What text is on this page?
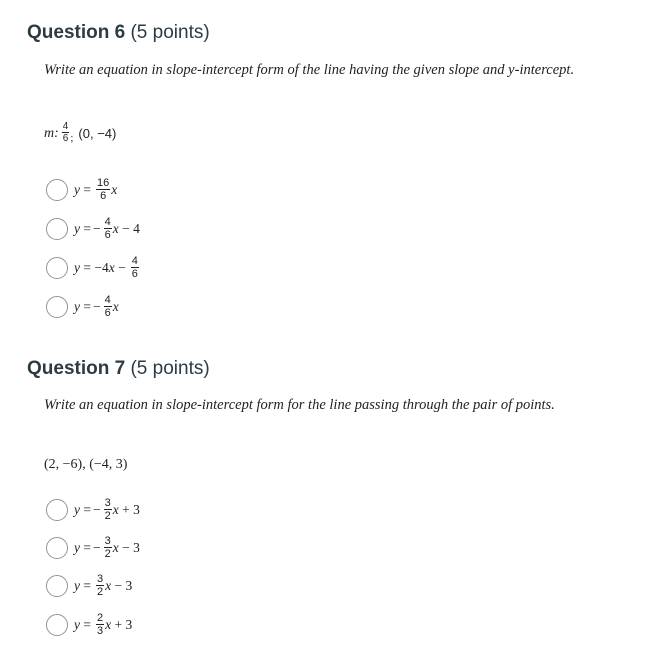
Question 6 (5 points)
Write an equation in slope-intercept form of the line having the given slope and y-intercept.
m: $\frac{4}{6}$ ; (0, −4)
$y = \frac{16}{6}$ x
y = − $\frac{4}{6}$ x − 4
$y = -4x - \frac{4}{6}$
y = − $\frac{4}{6}$ x
Question 7 (5 points)
Write an equation in slope-intercept form for the line passing through the pair of points.
(2, −6), (−4, 3)
y = − $\frac{3}{2}$ x + 3
y = − $\frac{3}{2}$ x − 3
$y = \frac{3}{2}$ x − 3
$y = \frac{2}{3}$ x + 3
